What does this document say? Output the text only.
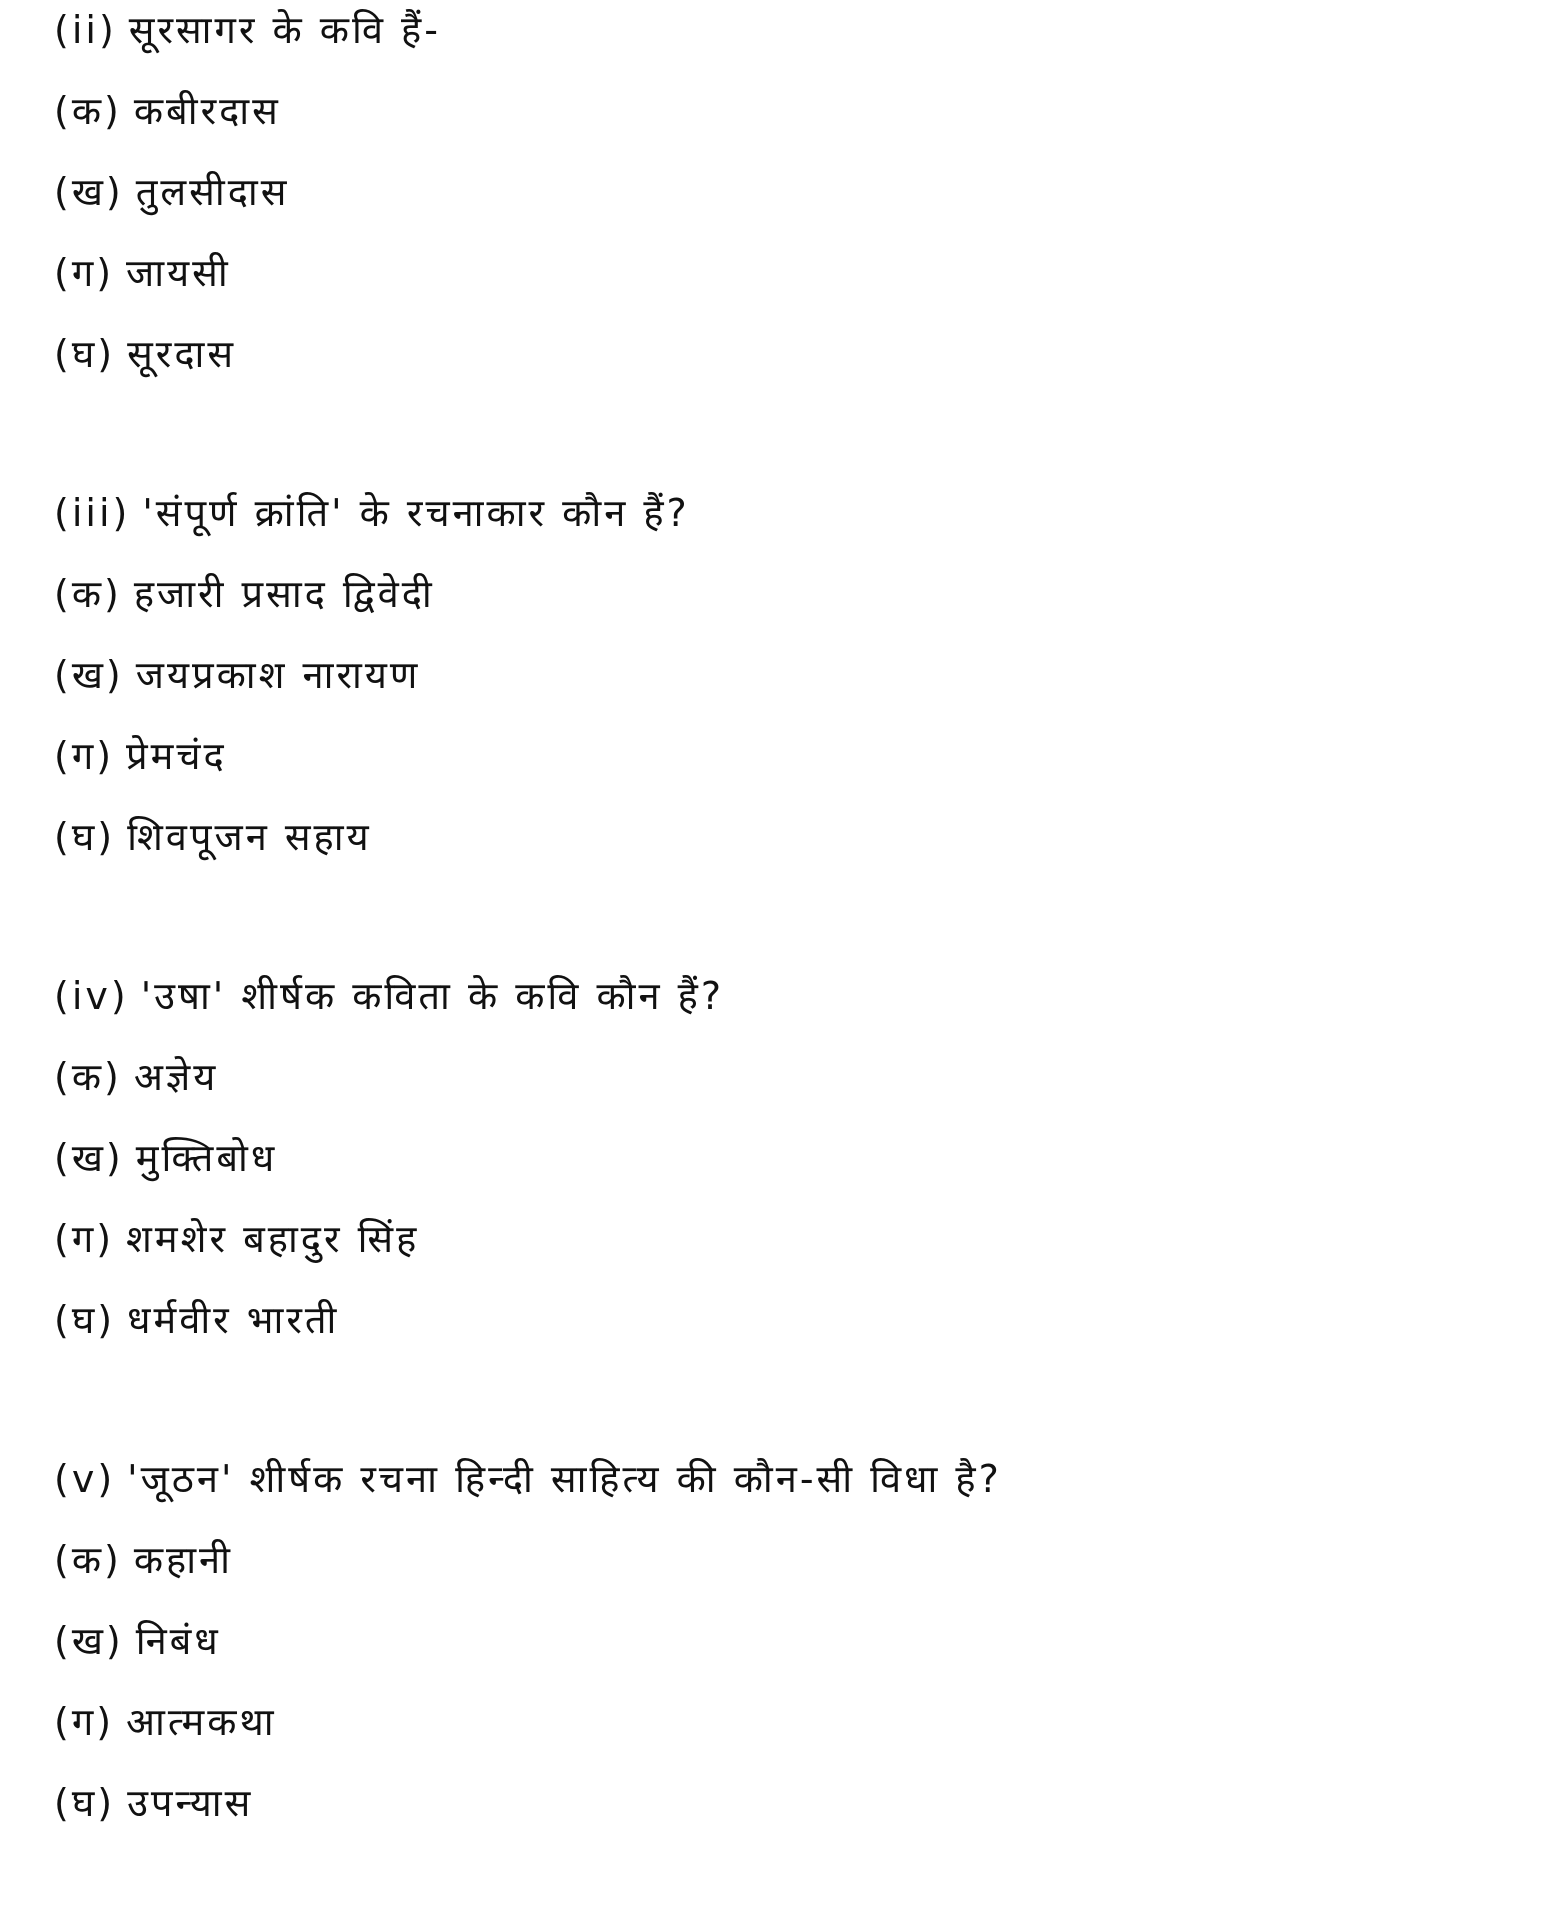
(ii) सूरसागर के कवि हैं-
(क) कबीरदास
(ख) तुलसीदास
(ग) जायसी
(घ) सूरदास
(iii) 'संपूर्ण क्रांति' के रचनाकार कौन हैं?
(क) हजारी प्रसाद द्विवेदी
(ख) जयप्रकाश नारायण
(ग) प्रेमचंद
(घ) शिवपूजन सहाय
(iv) 'उषा' शीर्षक कविता के कवि कौन हैं?
(क) अज्ञेय
(ख) मुक्तिबोध
(ग) शमशेर बहादुर सिंह
(घ) धर्मवीर भारती
(v) 'जूठन' शीर्षक रचना हिन्दी साहित्य की कौन-सी विधा है?
(क) कहानी
(ख) निबंध
(ग) आत्मकथा
(घ) उपन्यास
